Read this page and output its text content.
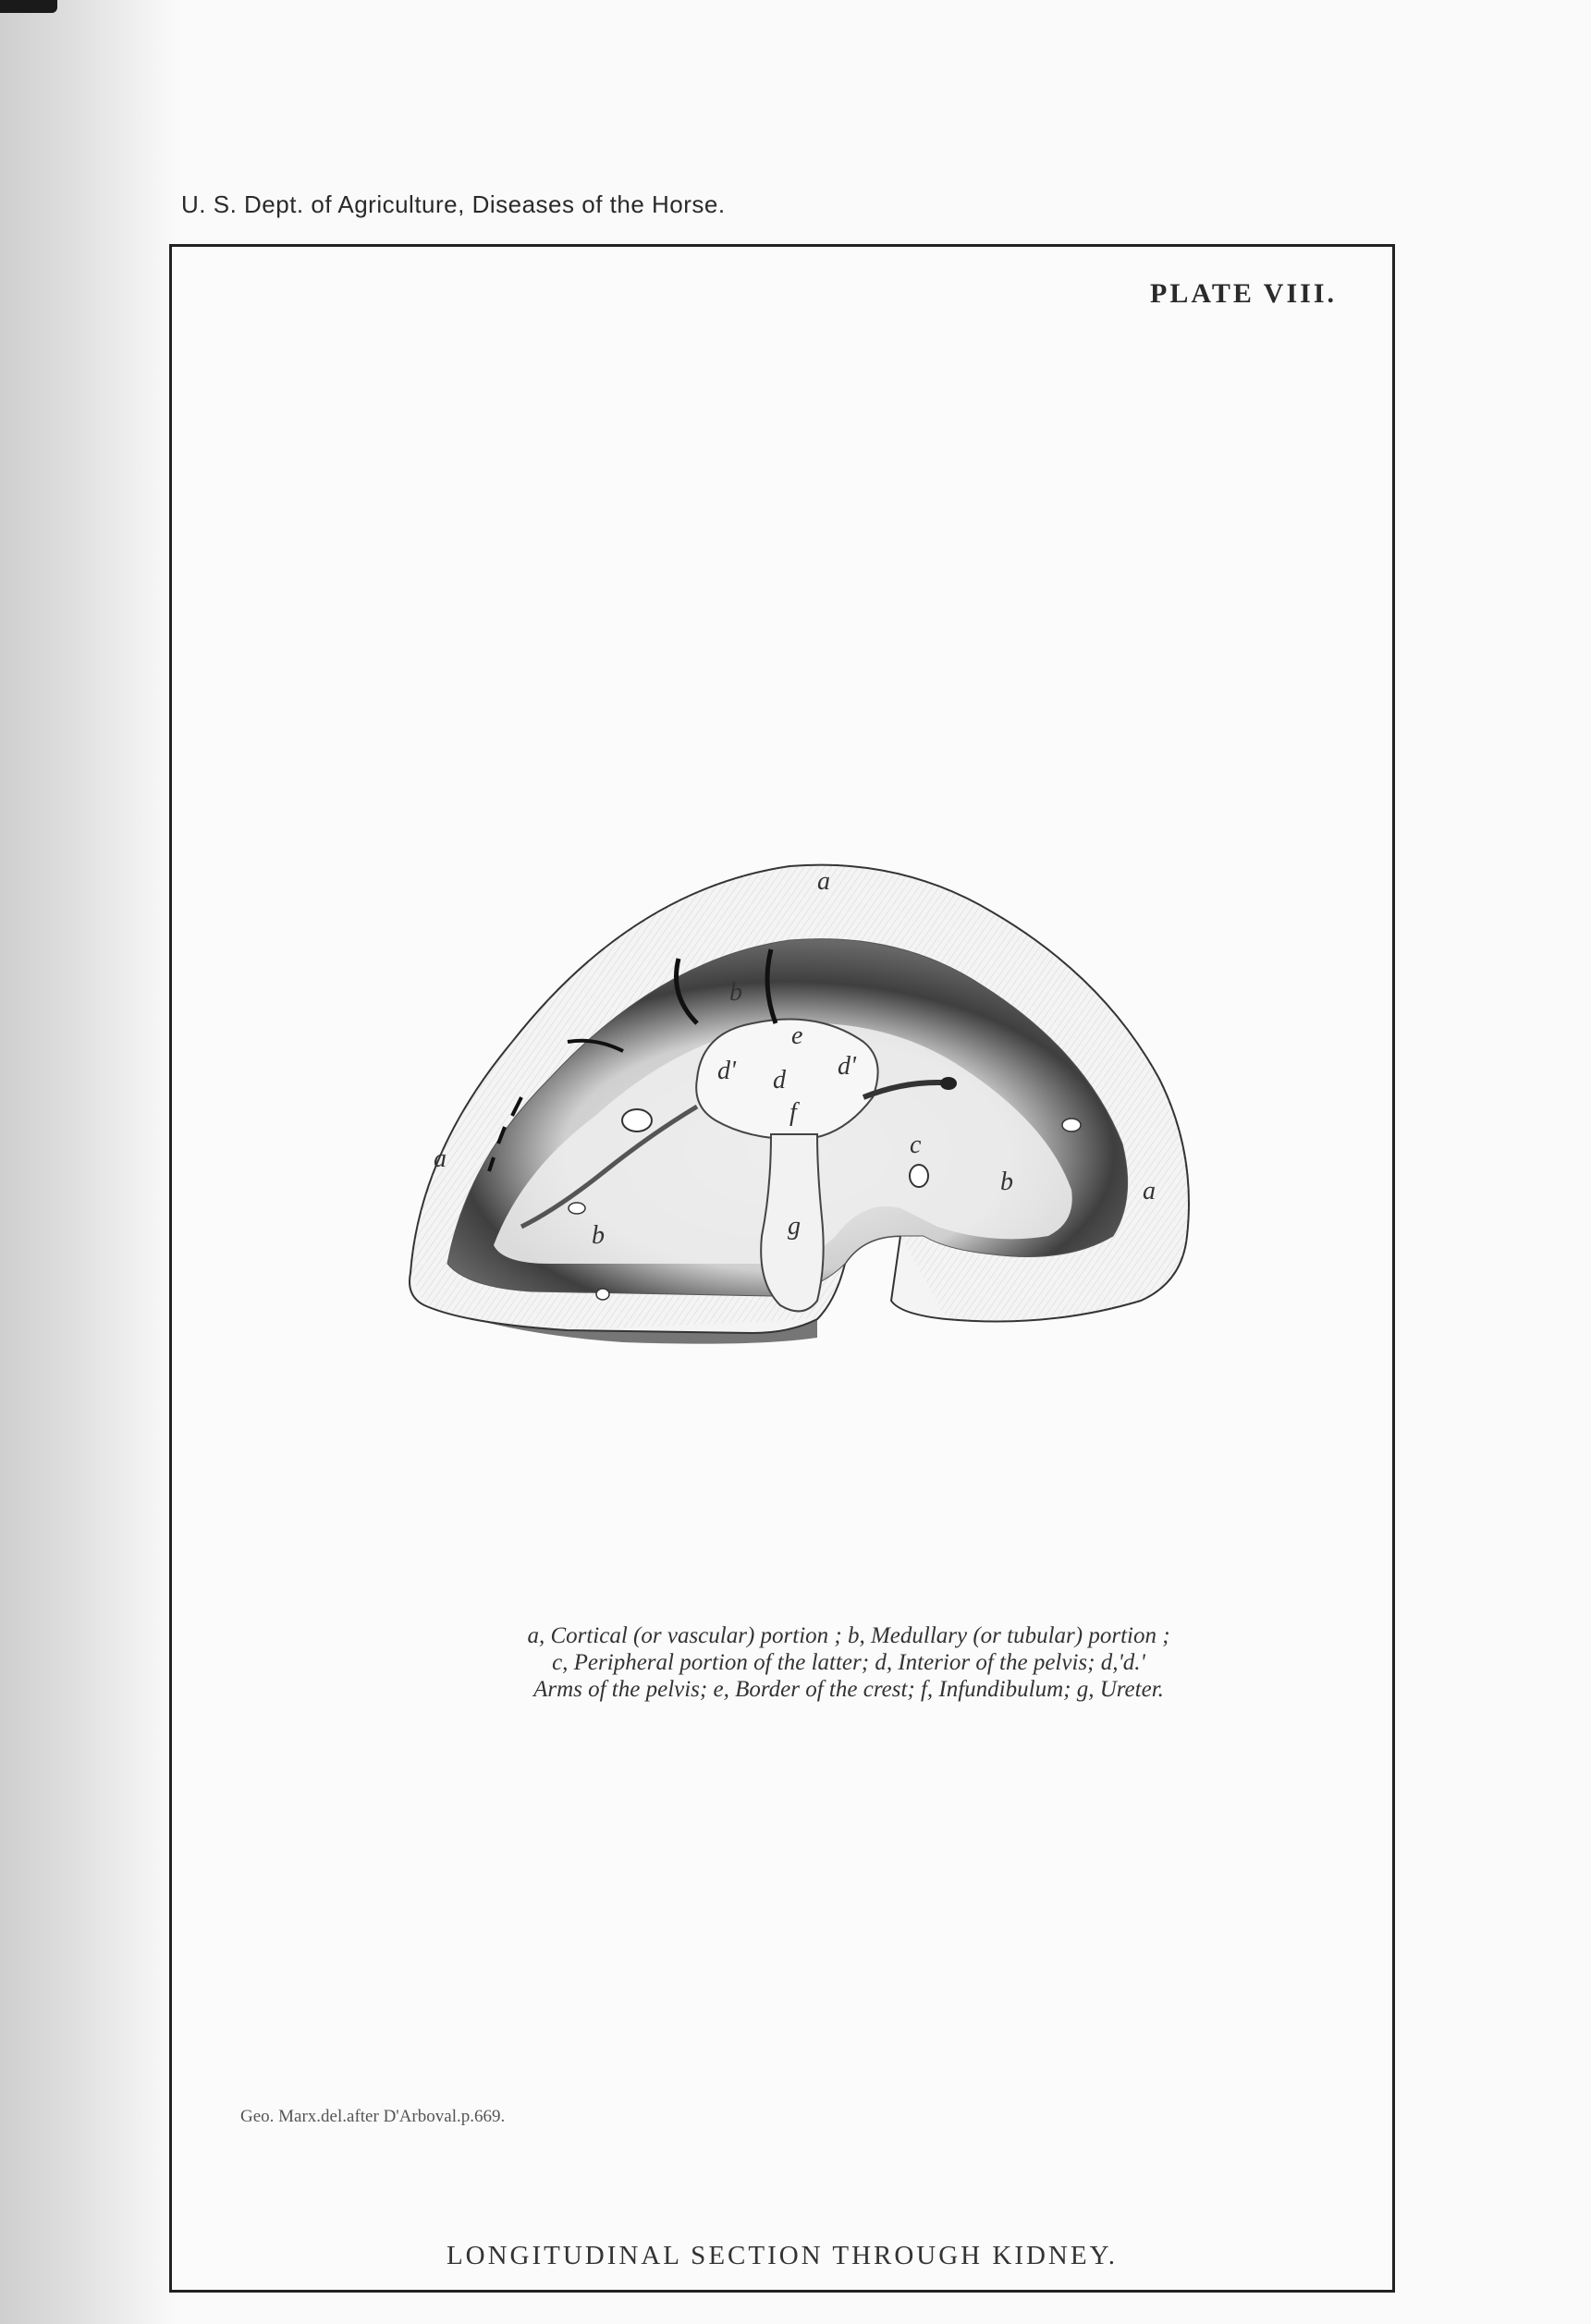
U. S. Dept. of Agriculture, Diseases of the Horse.
PLATE VIII.
a
a
a
b
b
b
c
d
d'	d'
e
f
g
a, Cortical (or vascular) portion ; b, Medullary (or tubular) portion ;
c, Peripheral portion of the latter; d, Interior of the pelvis; d,'d.'
Arms of the pelvis; e, Border of the crest; f, Infundibulum; g, Ureter.
Geo. Marx.del.after D'Arboval.p.669.
LONGITUDINAL SECTION THROUGH KIDNEY.
